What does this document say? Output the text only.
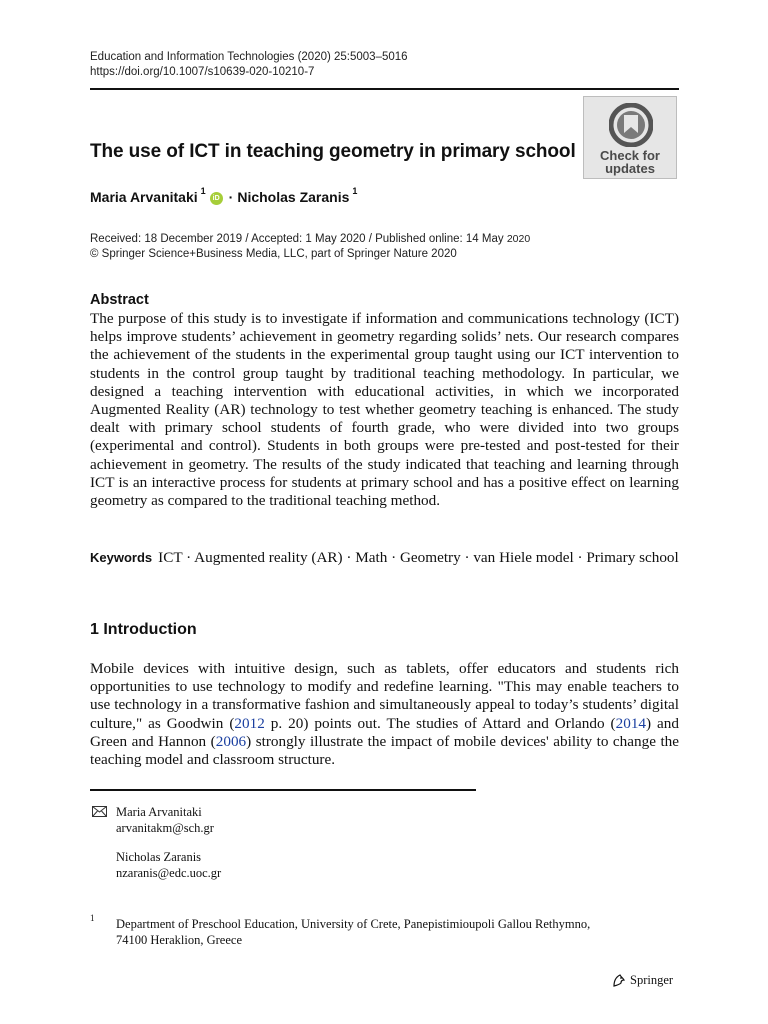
Education and Information Technologies (2020) 25:5003–5016
https://doi.org/10.1007/s10639-020-10210-7
Check for
updates
The use of ICT in teaching geometry in primary school
Maria Arvanitaki $^1$
iD · Nicholas Zaranis $^1$
Received: 18 December 2019 / Accepted: 1 May 2020 / Published online: 14 May 2020
© Springer Science+Business Media, LLC, part of Springer Nature 2020
Abstract
The purpose of this study is to investigate if information and communications technology (ICT) helps improve students’ achievement in geometry regarding solids’ nets. Our research compares the achievement of the students in the experimental group taught using our ICT intervention to students in the control group taught by traditional teaching methodology. In particular, we designed a teaching intervention with educational activities, in which we incorporated Augmented Reality (AR) technology to test whether geometry teaching is enhanced. The study dealt with primary school students of fourth grade, who were divided into two groups (experimental and control). Students in both groups were pre-tested and post-tested for their achievement in geometry. The results of the study indicated that teaching and learning through ICT is an interactive process for students at primary school and has a positive effect on learning geometry as compared to the traditional teaching method.
Keywords ICT · Augmented reality (AR) · Math · Geometry · van Hiele model · Primary school
1 Introduction
Mobile devices with intuitive design, such as tablets, offer educators and students rich opportunities to use technology to modify and redefine learning. "This may enable teachers to use technology in a transformative fashion and simultaneously appeal to today’s students’ digital culture," as Goodwin (2012 p. 20) points out. The studies of Attard and Orlando (2014) and Green and Hannon (2006) strongly illustrate the impact of mobile devices' ability to change the teaching model and classroom structure.
Maria Arvanitaki
arvanitakm@sch.gr
Nicholas Zaranis
nzaranis@edc.uoc.gr
1 Department of Preschool Education, University of Crete, Panepistimioupoli Gallou Rethymno,
74100 Heraklion, Greece
Springer
